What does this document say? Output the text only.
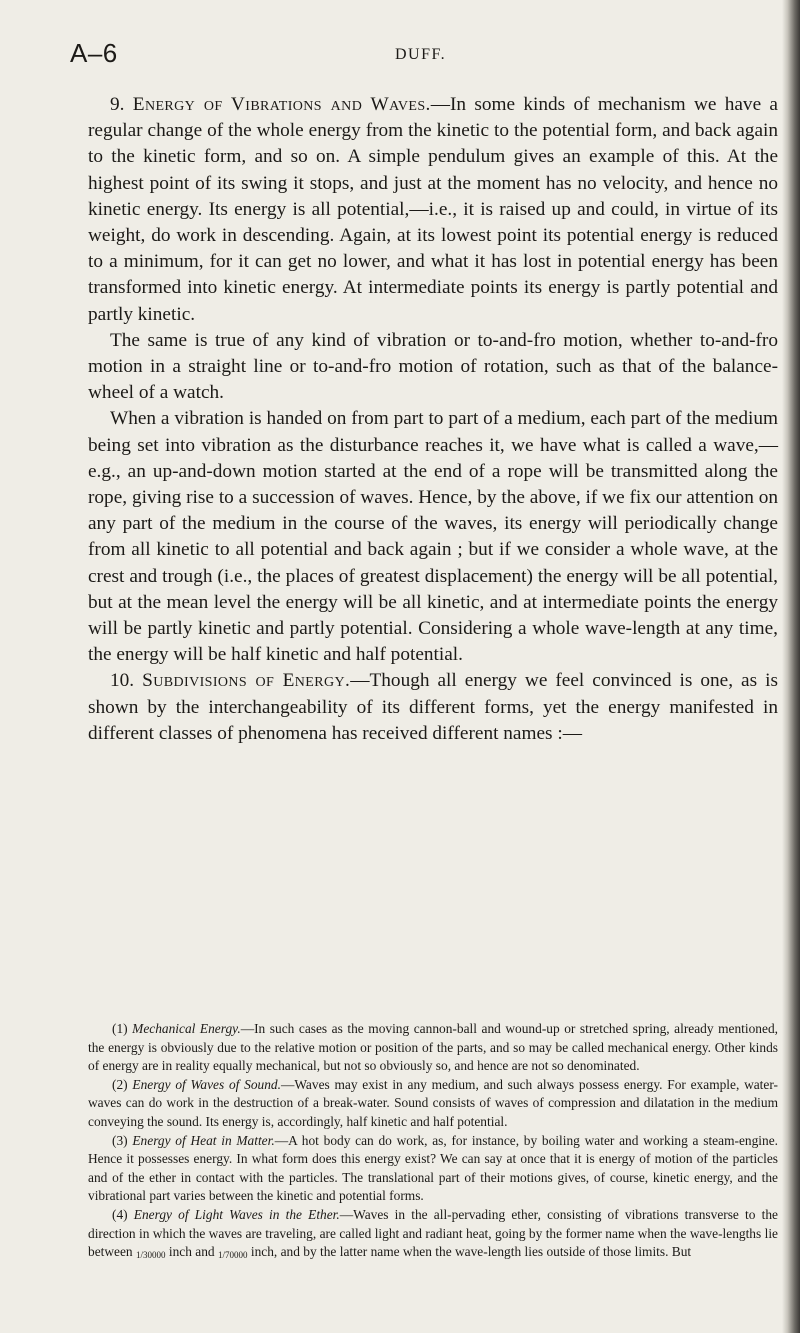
A–6	DUFF.

9. Energy of Vibrations and Waves.—In some kinds of mechanism we have a regular change of the whole energy from the kinetic to the potential form, and back again to the kinetic form, and so on. A simple pendulum gives an example of this. At the highest point of its swing it stops, and just at the moment has no velocity, and hence no kinetic energy. Its energy is all potential,—i.e., it is raised up and could, in virtue of its weight, do work in descending. Again, at its lowest point its potential energy is reduced to a minimum, for it can get no lower, and what it has lost in potential energy has been transformed into kinetic energy. At intermediate points its energy is partly potential and partly kinetic.

The same is true of any kind of vibration or to-and-fro motion, whether to-and-fro motion in a straight line or to-and-fro motion of rotation, such as that of the balance-wheel of a watch.

When a vibration is handed on from part to part of a medium, each part of the medium being set into vibration as the disturbance reaches it, we have what is called a wave,—e.g., an up-and-down motion started at the end of a rope will be transmitted along the rope, giving rise to a succession of waves. Hence, by the above, if we fix our attention on any part of the medium in the course of the waves, its energy will periodically change from all kinetic to all potential and back again ; but if we consider a whole wave, at the crest and trough (i.e., the places of greatest displacement) the energy will be all potential, but at the mean level the energy will be all kinetic, and at intermediate points the energy will be partly kinetic and partly potential. Considering a whole wave-length at any time, the energy will be half kinetic and half potential.

10. Subdivisions of Energy.—Though all energy we feel convinced is one, as is shown by the interchangeability of its different forms, yet the energy manifested in different classes of phenomena has received different names :—

(1) Mechanical Energy.—In such cases as the moving cannon-ball and wound-up or stretched spring, already mentioned, the energy is obviously due to the relative motion or position of the parts, and so may be called mechanical energy. Other kinds of energy are in reality equally mechanical, but not so obviously so, and hence are not so denominated.

(2) Energy of Waves of Sound.—Waves may exist in any medium, and such always possess energy. For example, water-waves can do work in the destruction of a break-water. Sound consists of waves of compression and dilatation in the medium conveying the sound. Its energy is, accordingly, half kinetic and half potential.

(3) Energy of Heat in Matter.—A hot body can do work, as, for instance, by boiling water and working a steam-engine. Hence it possesses energy. In what form does this energy exist? We can say at once that it is energy of motion of the particles and of the ether in contact with the particles. The translational part of their motions gives, of course, kinetic energy, and the vibrational part varies between the kinetic and potential forms.

(4) Energy of Light Waves in the Ether.—Waves in the all-pervading ether, consisting of vibrations transverse to the direction in which the waves are traveling, are called light and radiant heat, going by the former name when the wave-lengths lie between 1/30000 inch and 1/70000 inch, and by the latter name when the wave-length lies outside of those limits. But
